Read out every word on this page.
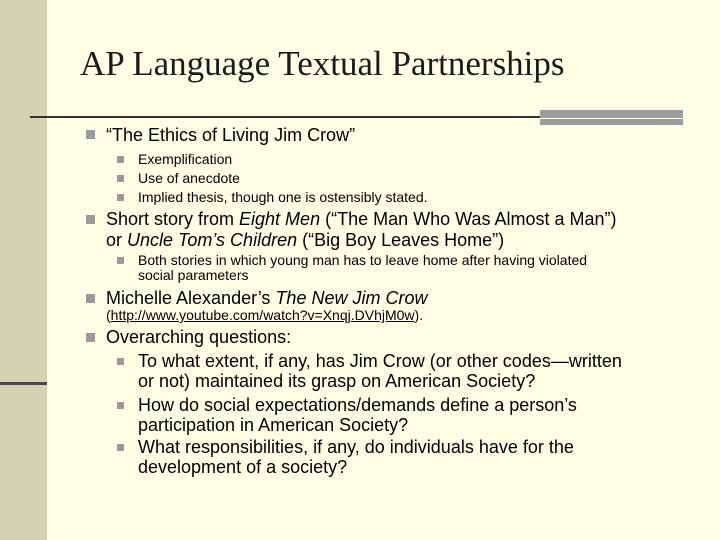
AP Language Textual Partnerships
“The Ethics of Living Jim Crow”
Exemplification
Use of anecdote
Implied thesis, though one is ostensibly stated.
Short story from Eight Men (“The Man Who Was Almost a Man”)
or Uncle Tom’s Children (“Big Boy Leaves Home”)
Both stories in which young man has to leave home after having violated
social parameters
Michelle Alexander’s The New Jim Crow
(http://www.youtube.com/watch?v=Xnqj.DVhjM0w).
Overarching questions:
To what extent, if any, has Jim Crow (or other codes—written
or not) maintained its grasp on American Society?
How do social expectations/demands define a person’s
participation in American Society?
What responsibilities, if any, do individuals have for the
development of a society?
